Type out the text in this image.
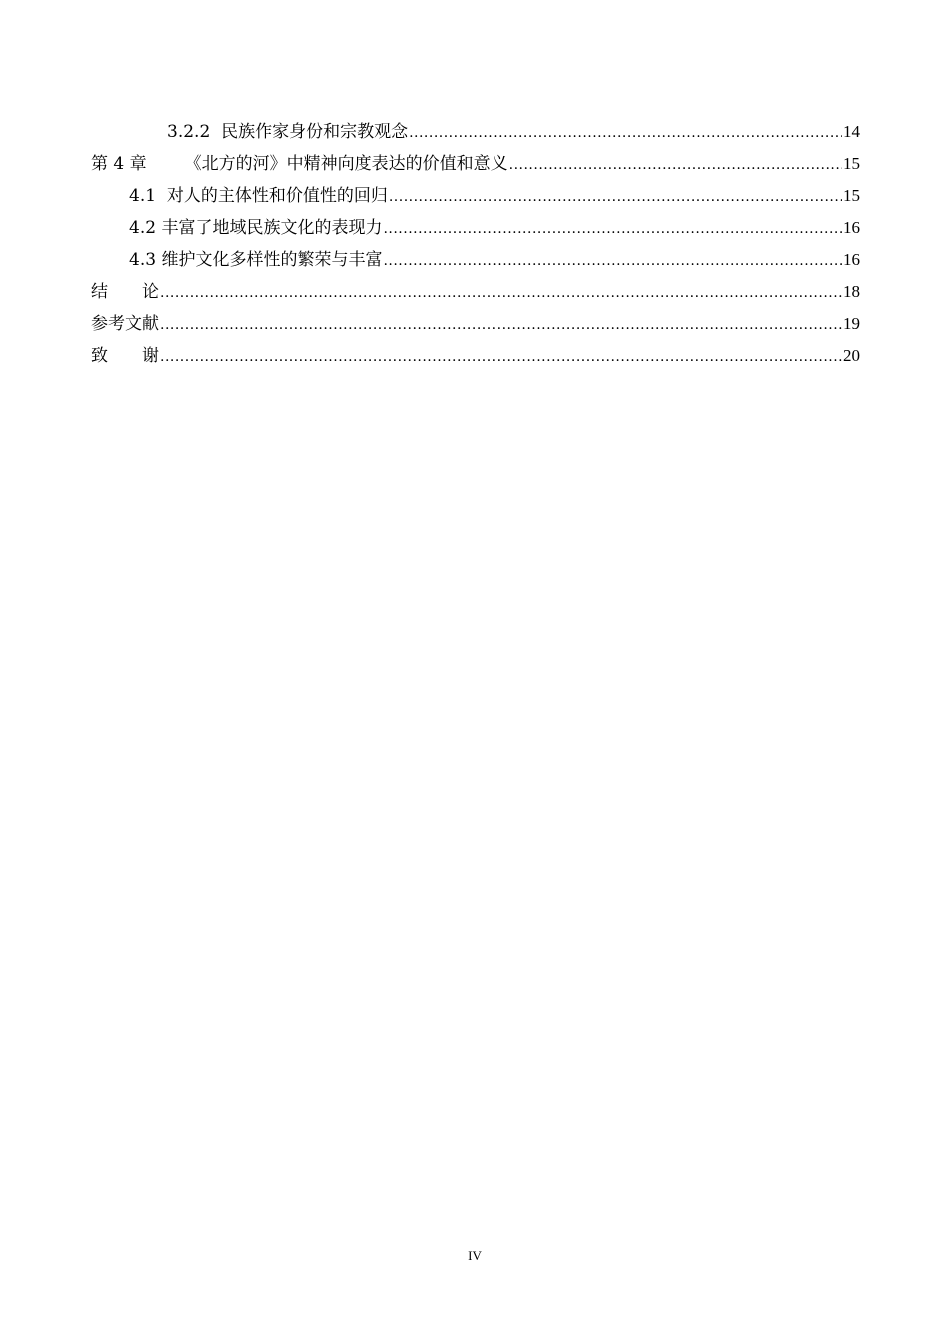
3.2.2 民族作家身份和宗教观念 .....	14
第 4 章 《北方的河》中精神向度表达的价值和意义 .....	15
4.1 对人的主体性和价值性的回归 .....	15
4.2 丰富了地域民族文化的表现力 .....	16
4.3 维护文化多样性的繁荣与丰富 .....	16
结　　论 .....	18
参考文献 .....	19
致　　谢 .....	20
IV
